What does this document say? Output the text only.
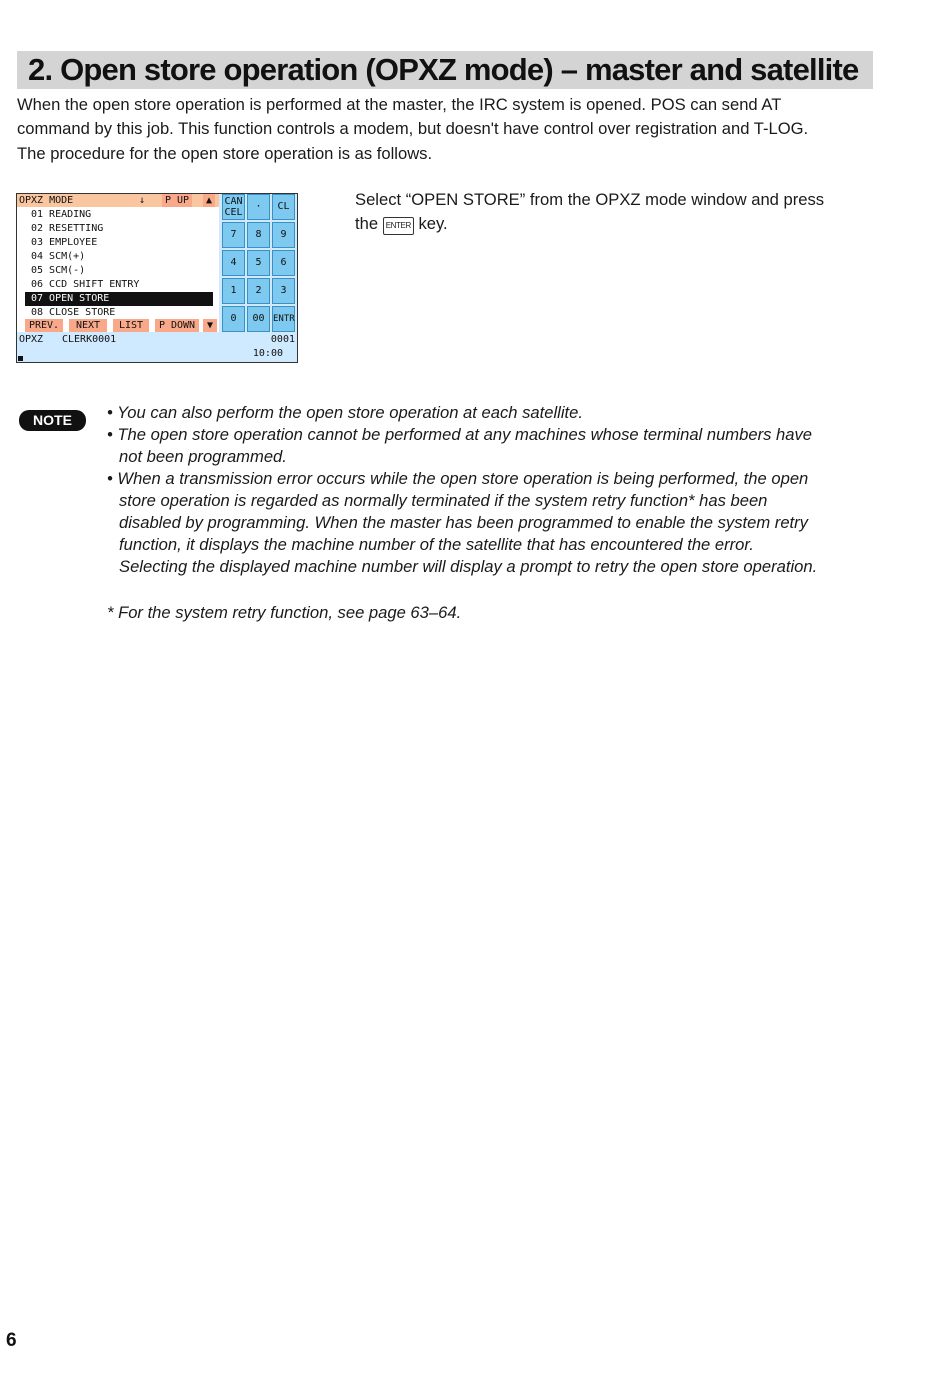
2. Open store operation (OPXZ mode) – master and satellite

When the open store operation is performed at the master, the IRC system is opened. POS can send AT

command by this job. This function controls a modem, but doesn't have control over registration and T-LOG.

The procedure for the open store operation is as follows.

OPXZ MODE	↓	P UP	▲
01 READING
02 RESETTING
03 EMPLOYEE
04 SCM(+)
05 SCM(-)
06 CCD SHIFT ENTRY
07 OPEN STORE
08 CLOSE STORE
PREV.	NEXT	LIST	P DOWN	▼
CAN
CEL
·	CL
7	8	9
4	5	6
1	2	3
0	00 ENTR
OPXZ CLERK0001	0001
10:00

Select “OPEN STORE” from the OPXZ mode window and press

the ENTER key.

NOTE	• You can also perform the open store operation at each satellite.

• The open store operation cannot be performed at any machines whose terminal numbers have

not been programmed.

• When a transmission error occurs while the open store operation is being performed, the open

store operation is regarded as normally terminated if the system retry function* has been

disabled by programming. When the master has been programmed to enable the system retry

function, it displays the machine number of the satellite that has encountered the error.

Selecting the displayed machine number will display a prompt to retry the open store operation.

* For the system retry function, see page 63–64.

6
